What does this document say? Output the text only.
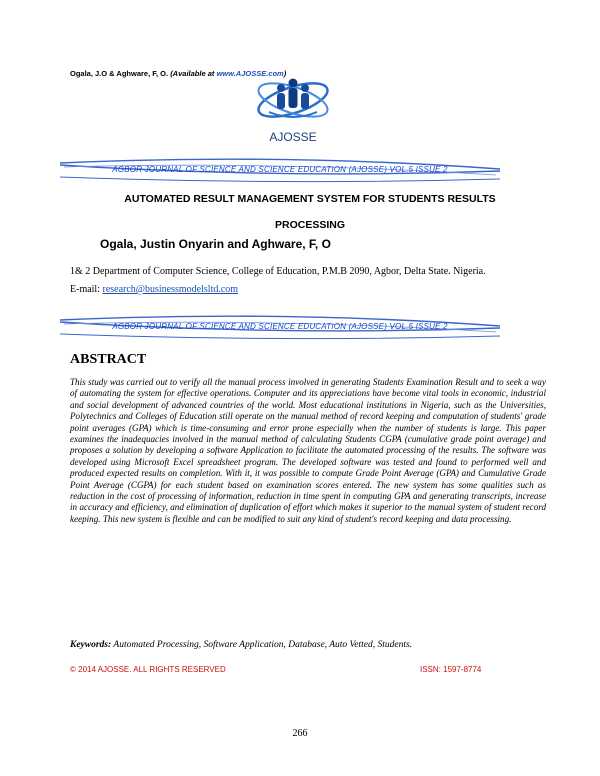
Ogala, J.O & Aghware, F, O. (Available at www.AJOSSE.com)
AJOSSE
AGBOR JOURNAL OF SCIENCE AND SCIENCE EDUCATION (AJOSSE) VOL.5 ISSUE 2
AUTOMATED RESULT MANAGEMENT SYSTEM FOR STUDENTS RESULTS
PROCESSING
Ogala, Justin Onyarin and Aghware, F, O
1& 2 Department of Computer Science, College of Education, P.M.B 2090, Agbor, Delta State. Nigeria.
E-mail: research@businessmodelsltd.com
AGBOR JOURNAL OF SCIENCE AND SCIENCE EDUCATION (AJOSSE) VOL.5 ISSUE 2
ABSTRACT
This study was carried out to verify all the manual process involved in generating Students Examination Result and to seek a way of automating the system for effective operations. Computer and its appreciations have become vital tools in economic, industrial and social development of advanced countries of the world. Most educational institutions in Nigeria, such as the Universities, Polytechnics and Colleges of Education still operate on the manual method of record keeping and computation of students' grade point averages (GPA) which is time-consuming and error prone especially when the number of students is large. This paper examines the inadequacies involved in the manual method of calculating Students CGPA (cumulative grade point average) and proposes a solution by developing a software Application to facilitate the automated processing of the results. The software was developed using Microsoft Excel spreadsheet program. The developed software was tested and found to performed well and produced expected results on completion. With it, it was possible to compute Grade Point Average (GPA) and Cumulative Grade Point Average (CGPA) for each student based on examination scores entered. The new system has some qualities such as reduction in the cost of processing of information, reduction in time spent in computing GPA and generating transcripts, increase in accuracy and efficiency, and elimination of duplication of effort which makes it superior to the manual system of student record keeping. This new system is flexible and can be modified to suit any kind of student's record keeping and data processing.
Keywords: Automated Processing, Software Application, Database, Auto Vetted, Students.
© 2014 AJOSSE. ALL RIGHTS RESERVED	ISSN: 1597-8774
266
